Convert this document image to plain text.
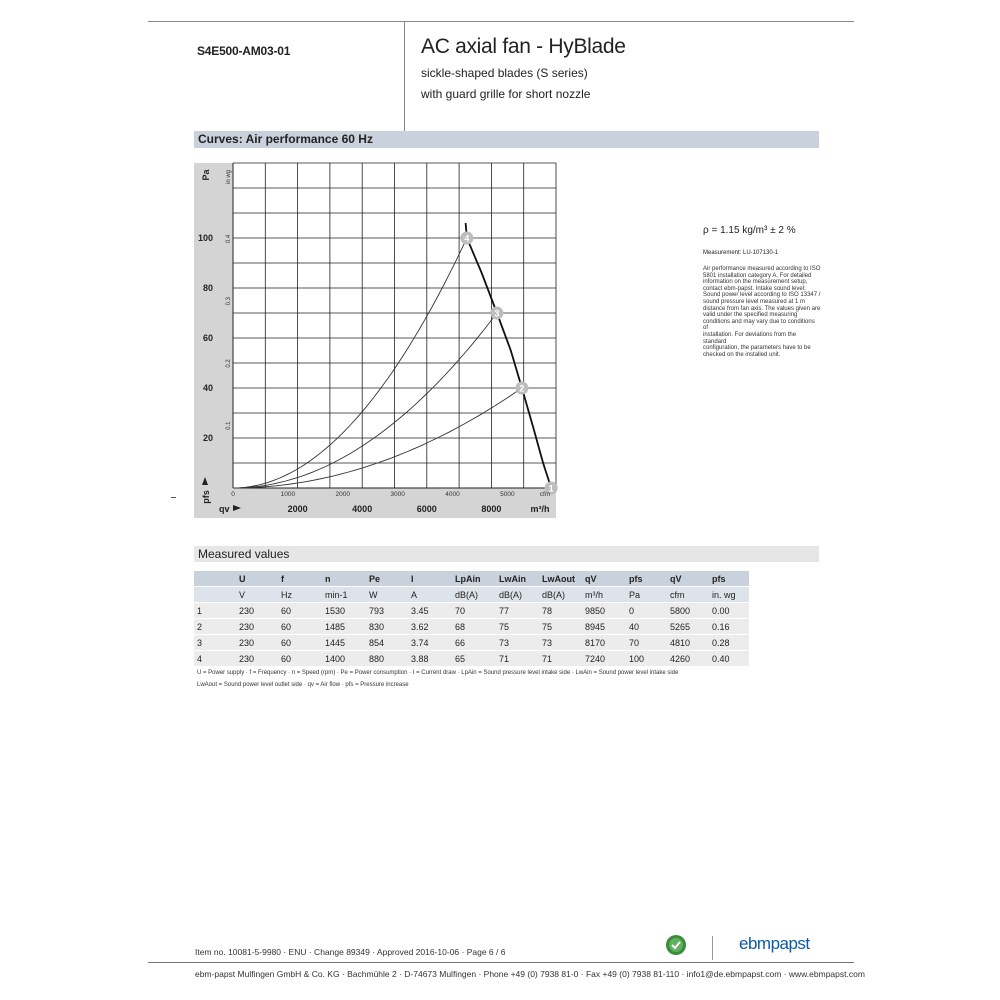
S4E500-AM03-01	AC axial fan - HyBlade
sickle-shaped blades (S series)
with guard grille for short nozzle
Curves: Air performance 60 Hz
1
2
3
4
20
40
60
80
100
0.1
0.2
0.3
0.4
0	1000	2000	3000	4000	5000	cfm
2000	4000	6000	8000	m³/h
qv
Pa	in wg
pfs
ρ = 1.15 kg/m³ ± 2 %
Measurement: LU-107130-1
Air performance measured according to ISO
5801 installation category A. For detailed
information on the measurement setup,
contact ebm-papst. Intake sound level:
Sound power level according to ISO 13347 /
sound pressure level measured at 1 m
distance from fan axis. The values given are
valid under the specified measuring
conditions and may vary due to conditions of
installation. For deviations from the standard
configuration, the parameters have to be
checked on the installed unit.
Measured values
	U	f	n	Pe	I	LpAin	LwAin	LwAout	qV	pfs	qV	pfs
	V	Hz	min-1	W	A	dB(A)	dB(A)	dB(A)	m³/h	Pa	cfm	in. wg
1	230	60	1530	793	3.45	70	77	78	9850	0	5800	0.00
2	230	60	1485	830	3.62	68	75	75	8945	40	5265	0.16
3	230	60	1445	854	3.74	66	73	73	8170	70	4810	0.28
4	230	60	1400	880	3.88	65	71	71	7240	100	4260	0.40
U = Power supply · f = Frequency · n = Speed (rpm) · Pe = Power consumption · I = Current draw · LpAin = Sound pressure level intake side · LwAin = Sound power level intake side
LwAout = Sound power level outlet side · qv = Air flow · pfs = Pressure increase
Item no. 10081-5-9980 · ENU · Change 89349 · Approved 2016-10-06 · Page 6 / 6	ebmpapst
ebm-papst Mulfingen GmbH & Co. KG · Bachmühle 2 · D-74673 Mulfingen · Phone +49 (0) 7938 81-0 · Fax +49 (0) 7938 81-110 · info1@de.ebmpapst.com · www.ebmpapst.com
